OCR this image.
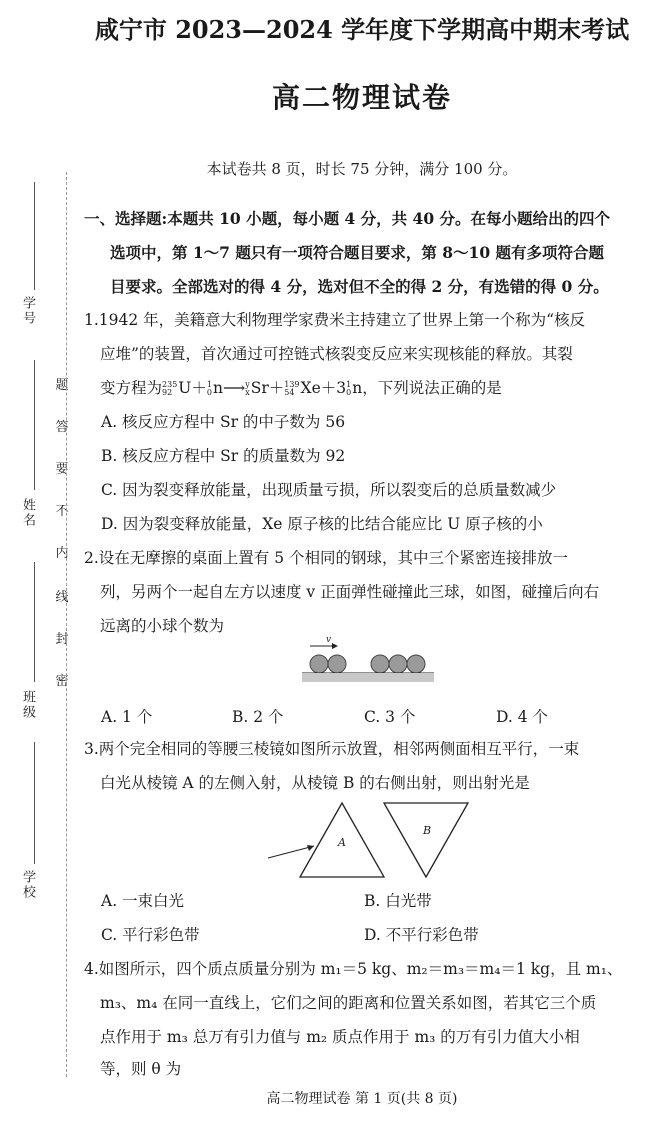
学号
姓名
班级
学校
题
答
要
不
内
线
封
密
咸宁市 2023—2024 学年度下学期高中期末考试
高二物理试卷
本试卷共 8 页，时长 75 分钟，满分 100 分。
一、选择题:本题共 10 小题，每小题 4 分，共 40 分。在每小题给出的四个
选项中，第 1～7 题只有一项符合题目要求，第 8～10 题有多项符合题
目要求。全部选对的得 4 分，选对但不全的得 2 分，有选错的得 0 分。
1.1942 年，美籍意大利物理学家费米主持建立了世界上第一个称为“核反
应堆”的装置，首次通过可控链式核裂变反应来实现核能的释放。其裂
变方程为 235
92 U＋ 1
0 n⟶ y
x Sr＋ 139
54 Xe＋3 1
0 n，下列说法正确的是
A. 核反应方程中 Sr 的中子数为 56
B. 核反应方程中 Sr 的质量数为 92
C. 因为裂变释放能量，出现质量亏损，所以裂变后的总质量数减少
D. 因为裂变释放能量，Xe 原子核的比结合能应比 U 原子核的小
2.设在无摩擦的桌面上置有 5 个相同的钢球，其中三个紧密连接排放一
列，另两个一起自左方以速度 v 正面弹性碰撞此三球，如图，碰撞后向右
远离的小球个数为
v
A. 1 个	B. 2 个	C. 3 个	D. 4 个
3.两个完全相同的等腰三棱镜如图所示放置，相邻两侧面相互平行，一束
白光从棱镜 A 的左侧入射，从棱镜 B 的右侧出射，则出射光是
A
B
A. 一束白光	B. 白光带
C. 平行彩色带	D. 不平行彩色带
4.如图所示，四个质点质量分别为 m₁＝5 kg、m₂＝m₃＝m₄＝1 kg，且 m₁、
m₃、m₄ 在同一直线上，它们之间的距离和位置关系如图，若其它三个质
点作用于 m₃ 总万有引力值与 m₂ 质点作用于 m₃ 的万有引力值大小相
等，则 θ 为
高二物理试卷 第 1 页(共 8 页)
